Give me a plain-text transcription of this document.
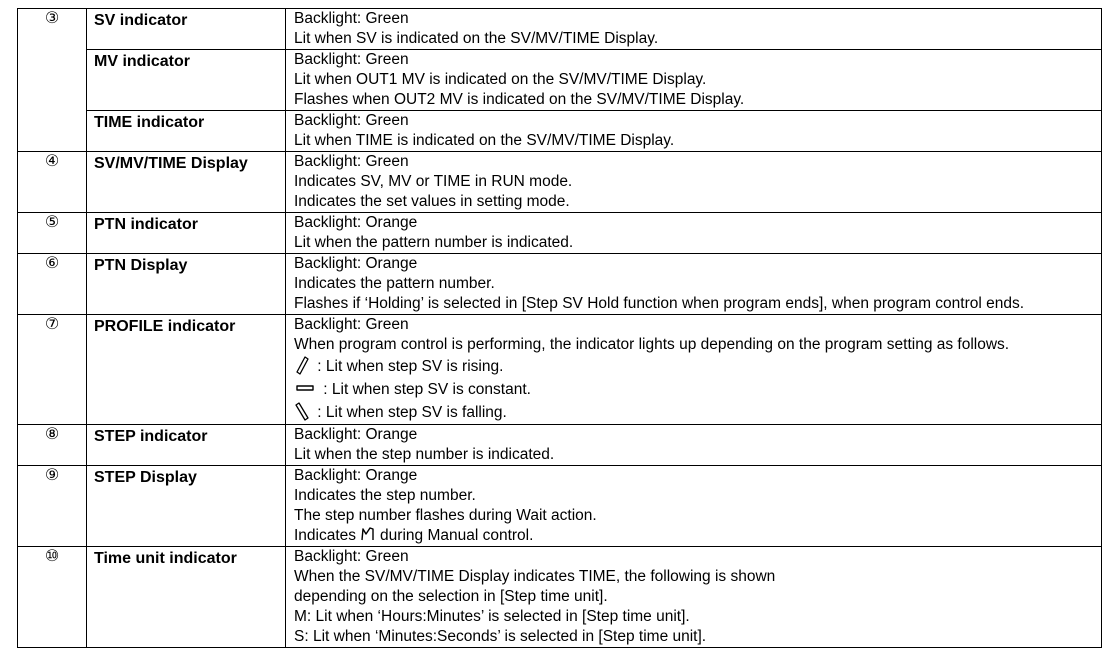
③	SV indicator	Backlight: Green
Lit when SV is indicated on the SV/MV/TIME Display.

	MV indicator	Backlight: Green
Lit when OUT1 MV is indicated on the SV/MV/TIME Display.
Flashes when OUT2 MV is indicated on the SV/MV/TIME Display.

	TIME indicator	Backlight: Green
Lit when TIME is indicated on the SV/MV/TIME Display.

④	SV/MV/TIME Display	Backlight: Green
Indicates SV, MV or TIME in RUN mode.
Indicates the set values in setting mode.

⑤	PTN indicator	Backlight: Orange
Lit when the pattern number is indicated.

⑥	PTN Display	Backlight: Orange
Indicates the pattern number.
Flashes if ‘Holding’ is selected in [Step SV Hold function when program ends], when program control ends.

⑦	PROFILE indicator	Backlight: Green
When program control is performing, the indicator lights up depending on the program setting as follows.
: Lit when step SV is rising.
: Lit when step SV is constant.
: Lit when step SV is falling.

⑧	STEP indicator	Backlight: Orange
Lit when the step number is indicated.

⑨	STEP Display	Backlight: Orange
Indicates the step number.
The step number flashes during Wait action.
Indicates during Manual control.

⑩	Time unit indicator	Backlight: Green
When the SV/MV/TIME Display indicates TIME, the following is shown
depending on the selection in [Step time unit].
M: Lit when ‘Hours:Minutes’ is selected in [Step time unit].
S: Lit when ‘Minutes:Seconds’ is selected in [Step time unit].
